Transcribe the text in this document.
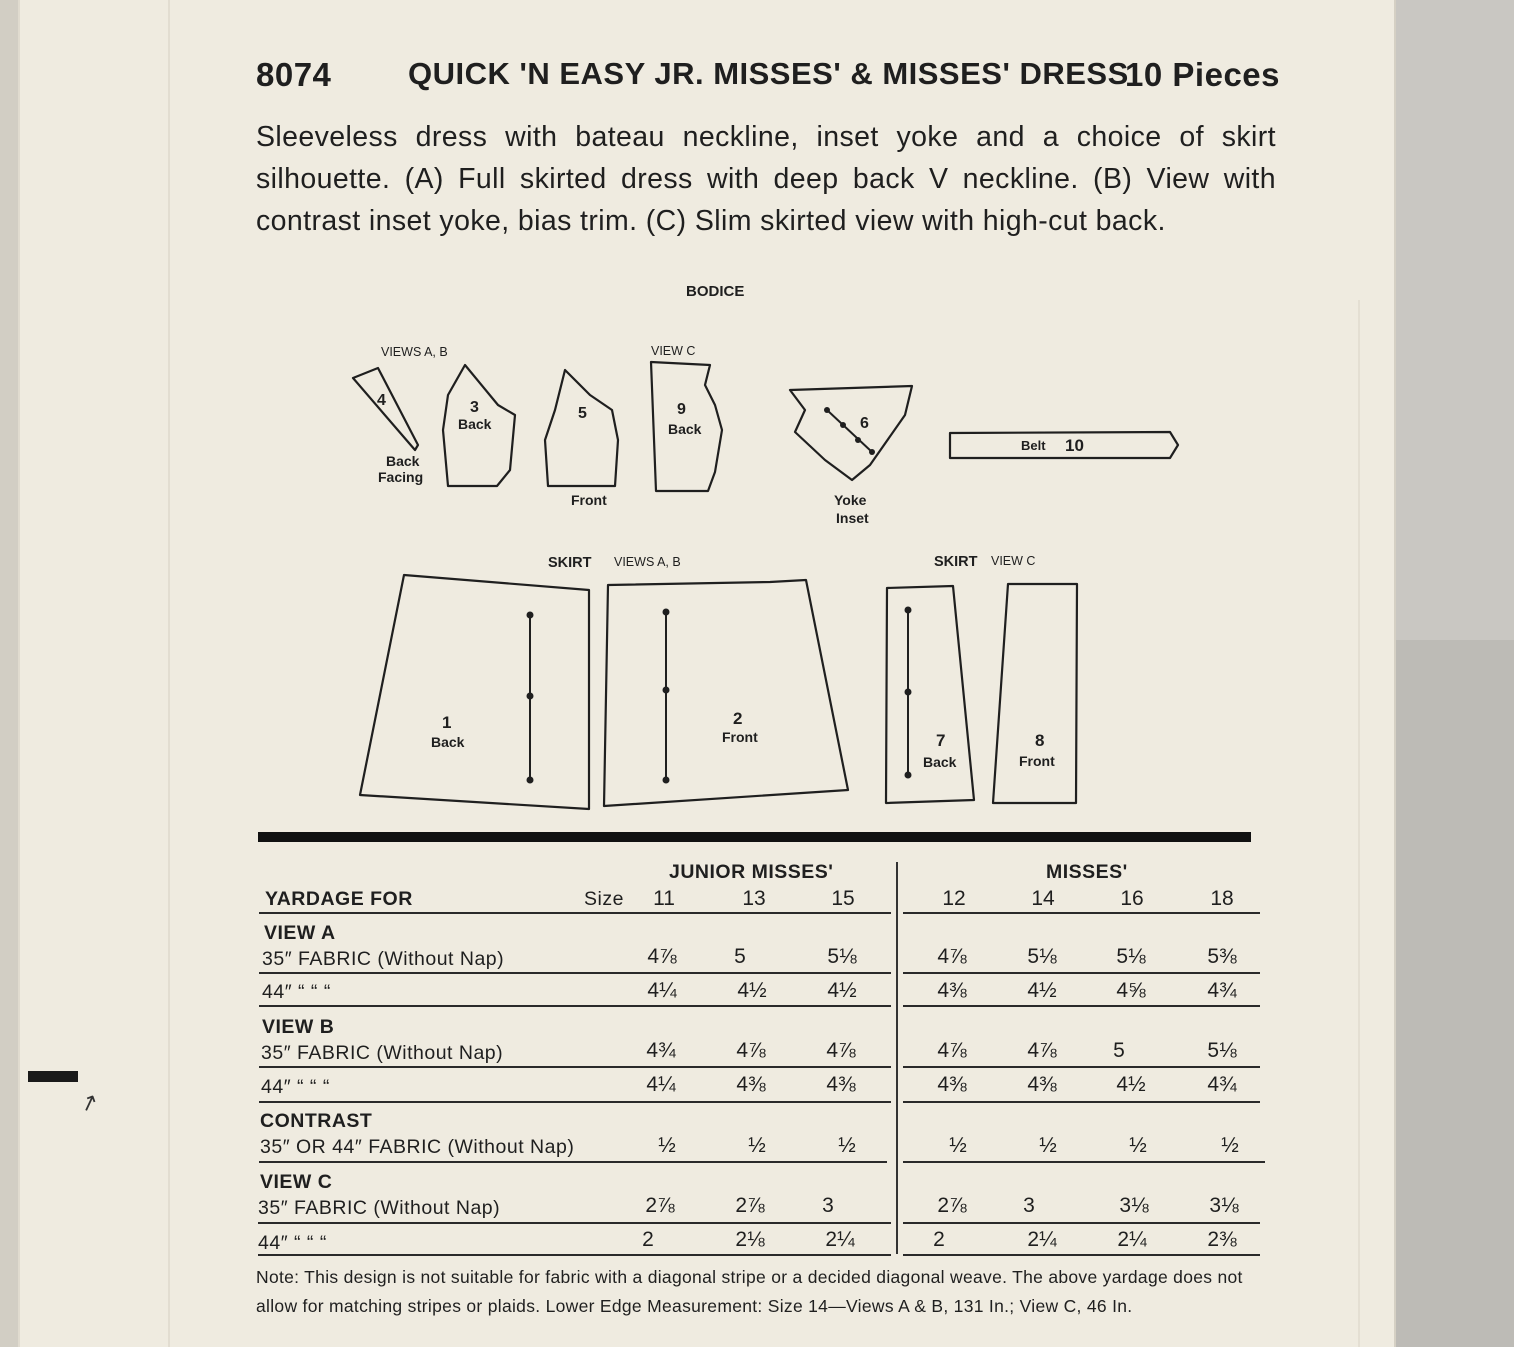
↗
8074 QUICK 'N EASY JR. MISSES' & MISSES' DRESS
10 Pieces
Sleeveless dress with bateau neckline, inset yoke and a choice of skirt silhouette. (A) Full skirted dress with deep back V neckline. (B) View with contrast inset yoke, bias trim. (C) Slim skirted view with high-cut back.
BODICE
VIEWS A, B	VIEW C
SKIRT VIEWS A, B	SKIRT VIEW C
4
Back
Facing
3
Back
5
Front
9
Back	6
Yoke
Inset
Belt 10
1
Back
2
Front	7
Back
8
Front
JUNIOR MISSES'	MISSES'
YARDAGE FOR	Size 11	13	15	12	14	16	18
VIEW A
35″ FABRIC (Without Nap)	4⅞	5	5⅛	4⅞	5⅛	5⅛	5⅜
44″ “ “ “	4¼	4½	4½	4⅜	4½	4⅝	4¾
VIEW B
35″ FABRIC (Without Nap)	4¾	4⅞	4⅞	4⅞	4⅞	5	5⅛
44″ “ “ “	4¼	4⅜	4⅜	4⅜	4⅜	4½	4¾
CONTRAST
35″ OR 44″ FABRIC (Without Nap)	½	½	½	½	½	½	½
VIEW C
35″ FABRIC (Without Nap)	2⅞	2⅞	3	2⅞	3	3⅛	3⅛
44″ “ “ “	2	2⅛	2¼	2	2¼	2¼	2⅜
Note: This design is not suitable for fabric with a diagonal stripe or a decided diagonal weave. The above yardage does not allow for matching stripes or plaids. Lower Edge Measurement: Size 14—Views A & B, 131 In.; View C, 46 In.
